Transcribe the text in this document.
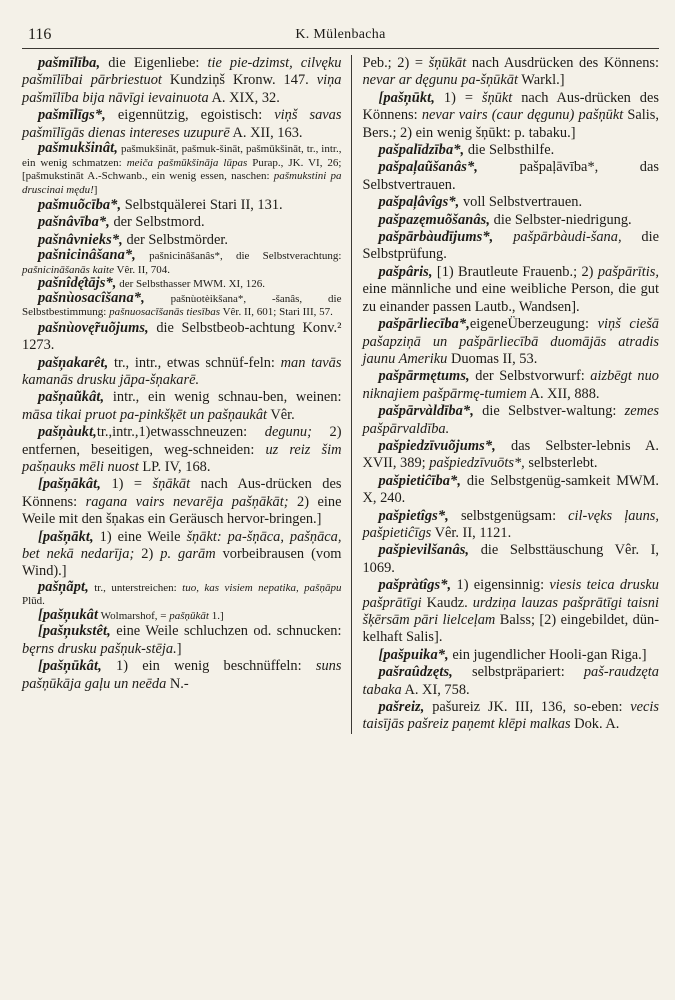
116	K. Mülenbacha

pašmīlība, die Eigenliebe: tie pie-dzimst, cilvęku pašmīlībai pārbriestuot Kundziņš Kronw. 147. viņa pašmīlība bija nāvīgi ievainuota A. XIX, 32.

pašmīlīgs*, eigennützig, egoistisch: viņš savas pašmīlīgās dienas intereses uzupurē A. XII, 163.

pašmukšinât, pašmukšināt, pašmuk-šināt, pašmūkšināt, tr., intr., ein wenig schmatzen: meiča pašmūkšināja lūpas Purap., JK. VI, 26; [pašmukstināt A.-Schwanb., ein wenig essen, naschen: pašmukstini pa druscinai mędu!]

pašmuõcība*, Selbstquälerei Stari II, 131.

pašnâvība*, der Selbstmord.

pašnâvnieks*, der Selbstmörder.

pašnicinâšana*, pašnicinâšanâs*, die Selbstverachtung: pašnicināšanās kaite Vêr. II, 704.

pašnîdę̂tājs*, der Selbsthasser MWM. XI, 126.

pašnùosacîšana*, pašnùotèikšana*, -šanâs, die Selbstbestimmung: pašnuosacīšanās tiesības Vêr. II, 601; Stari III, 57.

pašnùovę̃ruõjums, die Selbstbeob-achtung Konv.² 1273.

pašņakarêt, tr., intr., etwas schnüf-feln: man tavās kamanās drusku jāpa-šņakarē.

pašņaũkât, intr., ein wenig schnau-ben, weinen: māsa tikai pruot pa-pinkšķēt un pašņaukât Vêr.

pašņàukt,tr.,intr.,1)etwasschneuzen: degunu; 2) entfernen, beseitigen, weg-schneiden: uz reiz šim pašņauks mēli nuost LP. IV, 168.

[pašņākât, 1) = šņākāt nach Aus-drücken des Könnens: ragana vairs nevarēja pašņākāt; 2) eine Weile mit den šņakas ein Geräusch hervor-bringen.]

[pašņākt, 1) eine Weile šņākt: pa-šņāca, pašņāca, bet nekā nedarīja; 2) p. garām vorbeibrausen (vom Wind).]

pašņãpt, tr., unterstreichen: tuo, kas visiem nepatika, pašņāpu Plūd.

[pašņukât Wolmarshof, = pašņūkāt 1.]

[pašņukstêt, eine Weile schluchzen od. schnucken: bęrns drusku pašņuk-stēja.]

[pašņūkât, 1) ein wenig beschnüffeln: suns pašņūkāja gaļu un neēda N.-

Peb.; 2) = šņūkāt nach Ausdrücken des Könnens: nevar ar dęgunu pa-šņūkāt Warkl.]

[pašņūkt, 1) = šņūkt nach Aus-drücken des Könnens: nevar vairs (caur dęgunu) pašņūkt Salis, Bers.; 2) ein wenig šņūkt: p. tabaku.]

pašpalīdzība*, die Selbsthilfe.

pašpaļaũšanâs*, pašpaļāvība*, das Selbstvertrauen.

pašpaļâvîgs*, voll Selbstvertrauen.

pašpazęmuõšanâs, die Selbster-niedrigung.

pašpārbàudījums*, pašpārbàudi-šana, die Selbstprüfung.

pašpâris, [1) Brautleute Frauenb.; 2) pašpārītis, eine männliche und eine weibliche Person, die gut zu einander passen Lautb., Wandsen].

pašpārliecība*,eigeneÜberzeugung: viņš ciešā pašapziņā un pašpārliecībā duomājās atradis jaunu Ameriku Duomas II, 53.

pašpārmętums, der Selbstvorwurf: aizbēgt nuo niknajiem pašpārmę-tumiem A. XII, 888.

pašpārvàldība*, die Selbstver-waltung: zemes pašpārvaldība.

pašpiedzīvuõjums*, das Selbster-lebnis A. XVII, 389; pašpiedzīvuōts*, selbsterlebt.

pašpietiĉība*, die Selbstgenüg-samkeit MWM. X, 240.

pašpietîgs*, selbstgenügsam: cil-vęks ļauns, pašpietiĉīgs Vêr. II, 1121.

pašpievilšanâs, die Selbsttäuschung Vêr. I, 1069.

pašpràtîgs*, 1) eigensinnig: viesis teica drusku pašprātīgi Kaudz. urdziņa lauzas pašprātīgi taisni šķērsām pāri lielceļam Balss; [2) eingebildet, dün-kelhaft Salis].

[pašpuika*, ein jugendlicher Hooli-gan Riga.]

pašraûdzęts, selbstpräpariert: paš-raudzęta tabaka A. XI, 758.

pašreiz, pašureiz JK. III, 136, so-eben: vecis taisījās pašreiz paņemt klēpi malkas Dok. A.
